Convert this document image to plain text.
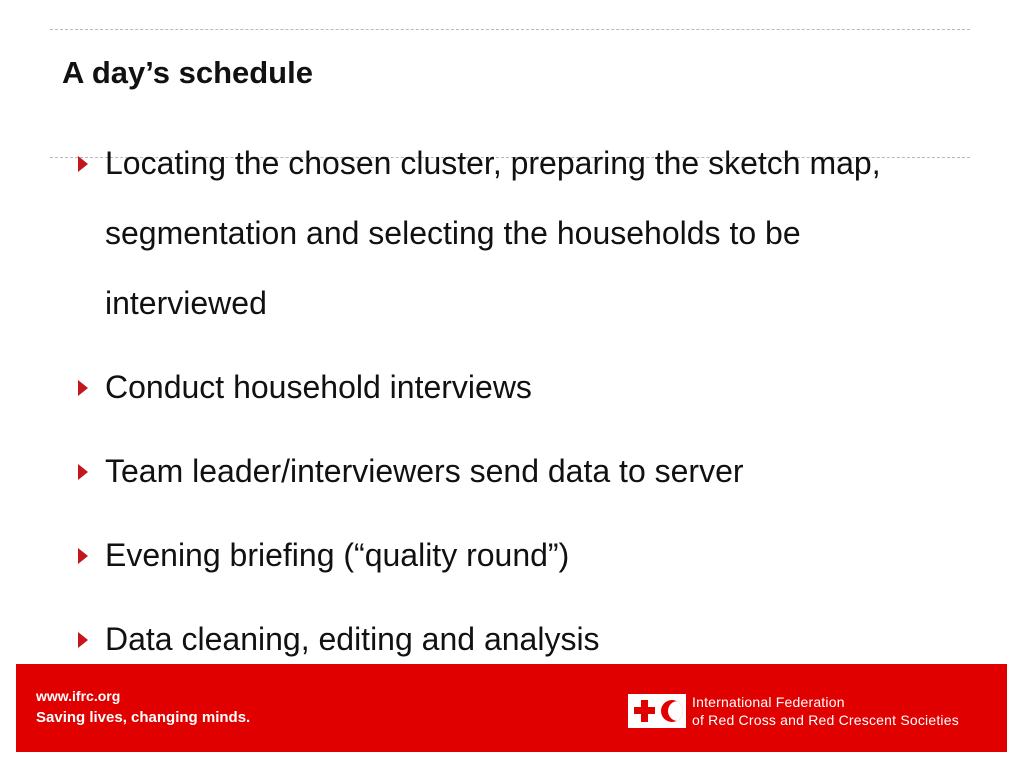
A day’s schedule
Locating the chosen cluster, preparing the sketch map, segmentation and selecting the households to be interviewed
Conduct household interviews
Team leader/interviewers send data to server
Evening briefing (“quality round”)
Data cleaning, editing and analysis
www.ifrc.org
Saving lives, changing minds.
International Federation
of Red Cross and Red Crescent Societies
